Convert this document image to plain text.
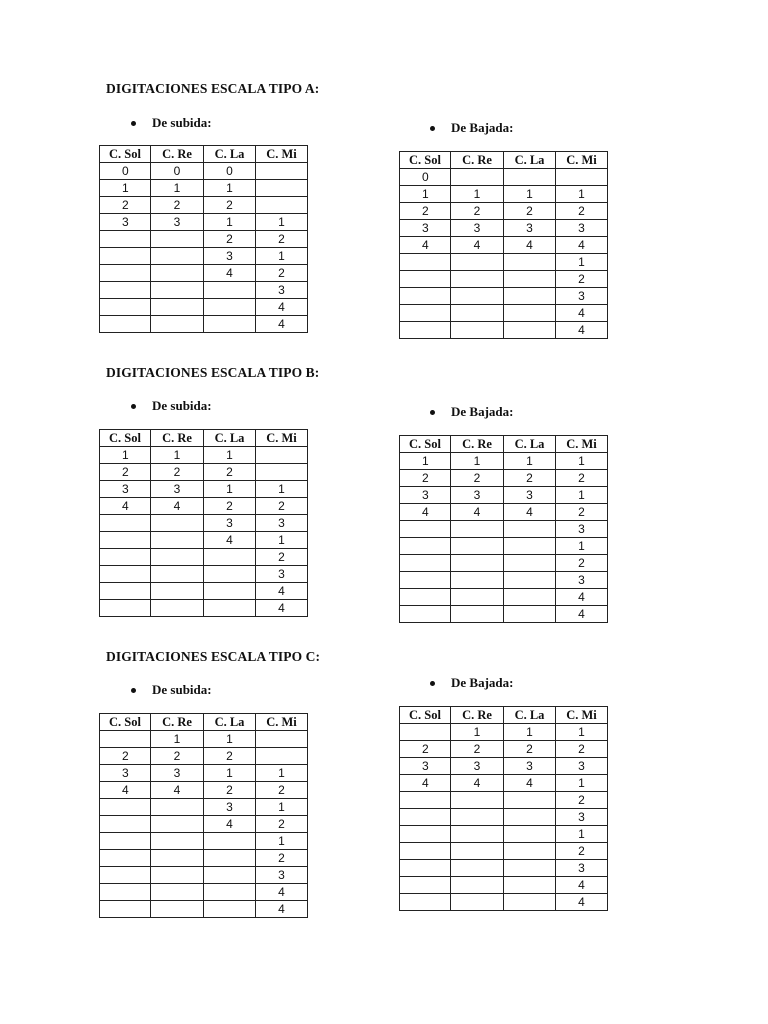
DIGITACIONES ESCALA TIPO A:
De subida:	De Bajada:
C. Sol	C. Re	C. La	C. Mi
0	0	0	
1	1	1	
2	2	2	
3	3	1	1
		2	2
		3	1
		4	2
			3
			4
			4
C. Sol	C. Re	C. La	C. Mi
0			
1	1	1	1
2	2	2	2
3	3	3	3
4	4	4	4
			1
			2
			3
			4
			4
DIGITACIONES ESCALA TIPO B:
De subida:	De Bajada:
C. Sol	C. Re	C. La	C. Mi
1	1	1	
2	2	2	
3	3	1	1
4	4	2	2
		3	3
		4	1
			2
			3
			4
			4
C. Sol	C. Re	C. La	C. Mi
1	1	1	1
2	2	2	2
3	3	3	1
4	4	4	2
			3
			1
			2
			3
			4
			4
DIGITACIONES ESCALA TIPO C:
De subida:	De Bajada:
C. Sol	C. Re	C. La	C. Mi
	1	1	
2	2	2	
3	3	1	1
4	4	2	2
		3	1
		4	2
			1
			2
			3
			4
			4
C. Sol	C. Re	C. La	C. Mi
	1	1	1
2	2	2	2
3	3	3	3
4	4	4	1
			2
			3
			1
			2
			3
			4
			4
